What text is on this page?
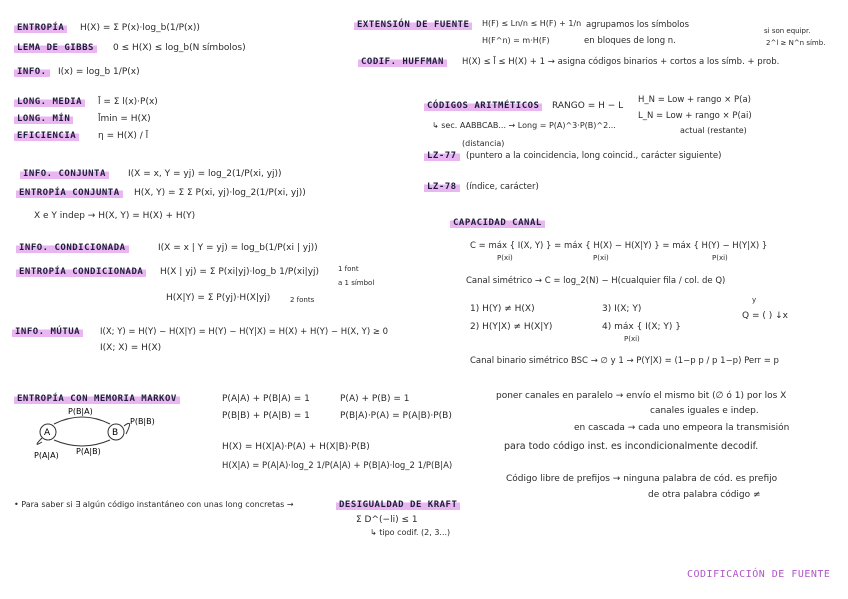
ENTROPÍA	H(X) = Σ P(x)·log_b(1/P(x))
LEMA DE GIBBS	0 ≤ H(X) ≤ log_b(N símbolos)
INFO.	I(x) = log_b 1/P(x)
LONG. MEDIA	l̄ = Σ l(x)·P(x)
LONG. MÍN	l̄min = H(X)
EFICIENCIA	η = H(X) / l̄
INFO. CONJUNTA	I(X = x, Y = yj) = log_2(1/P(xi, yj))
ENTROPÍA CONJUNTA	H(X, Y) = Σ Σ P(xi, yj)·log_2(1/P(xi, yj))
X e Y indep → H(X, Y) = H(X) + H(Y)
INFO. CONDICIONADA	I(X = x | Y = yj) = log_b(1/P(xi | yj))
ENTROPÍA CONDICIONADA	H(X | yj) = Σ P(xi|yj)·log_b 1/P(xi|yj)	1 font
a 1 símbol
H(X|Y) = Σ P(yj)·H(X|yj)	2 fonts
INFO. MÚTUA	I(X; Y) = H(Y) − H(X|Y) = H(Y) − H(Y|X) = H(X) + H(Y) − H(X, Y) ≥ 0
I(X; X) = H(X)
ENTROPÍA CON MEMORIA MARKOV	P(A|A) + P(B|A) = 1
P(B|B) + P(A|B) = 1
P(A) + P(B) = 1
P(B|A)·P(A) = P(A|B)·P(B)
H(X) = H(X|A)·P(A) + H(X|B)·P(B)
H(X|A) = P(A|A)·log_2 1/P(A|A) + P(B|A)·log_2 1/P(B|A)
A	B
P(B|A)
P(B|B)
P(A|A) P(A|B)
• Para saber si ∃ algún código instantáneo con unas long concretas →	DESIGUALDAD DE KRAFT
Σ D^(−li) ≤ 1
↳ tipo codif. (2, 3...)
EXTENSIÓN DE FUENTE	H(F) ≤ Ln/n ≤ H(F) + 1/n
H(F^n) = m·H(F)
agrupamos los símbolos
en bloques de long n.
si son equipr.
2^l ≥ N^n símb.
CODIF. HUFFMAN	H(X) ≤ l̄ ≤ H(X) + 1 → asigna códigos binarios + cortos a los símb. + prob.
CÓDIGOS ARITMÉTICOS	RANGO = H − L
H_N = Low + rango × P(a)
L_N = Low + rango × P(ai)
actual (restante)
↳ sec. AABBCAB... → Long = P(A)^3·P(B)^2...
(distancia)
LZ-77	(puntero a la coincidencia, long coincid., carácter siguiente)
LZ-78	(índice, carácter)
CAPACIDAD CANAL
C = máx { I(X, Y) } = máx { H(X) − H(X|Y) } = máx { H(Y) − H(Y|X) }
P(xi)	P(xi)	P(xi)
Canal simétrico → C = log_2(N) − H(cualquier fila / col. de Q)
1) H(Y) ≠ H(X)
2) H(Y|X) ≠ H(X|Y)
3) I(X; Y)
4) máx { I(X; Y) }
P(xi)
Q = ( ) ↓x
y
Canal binario simétrico BSC → ∅ y 1 → P(Y|X) = (1−p p / p 1−p) Perr = p
poner canales en paralelo → envío el mismo bit (∅ ó 1) por los X
canales iguales e indep.
en cascada → cada uno empeora la transmisión
para todo código inst. es incondicionalmente decodif.
Código libre de prefijos → ninguna palabra de cód. es prefijo
de otra palabra código ≠
CODIFICACIÓN DE FUENTE
